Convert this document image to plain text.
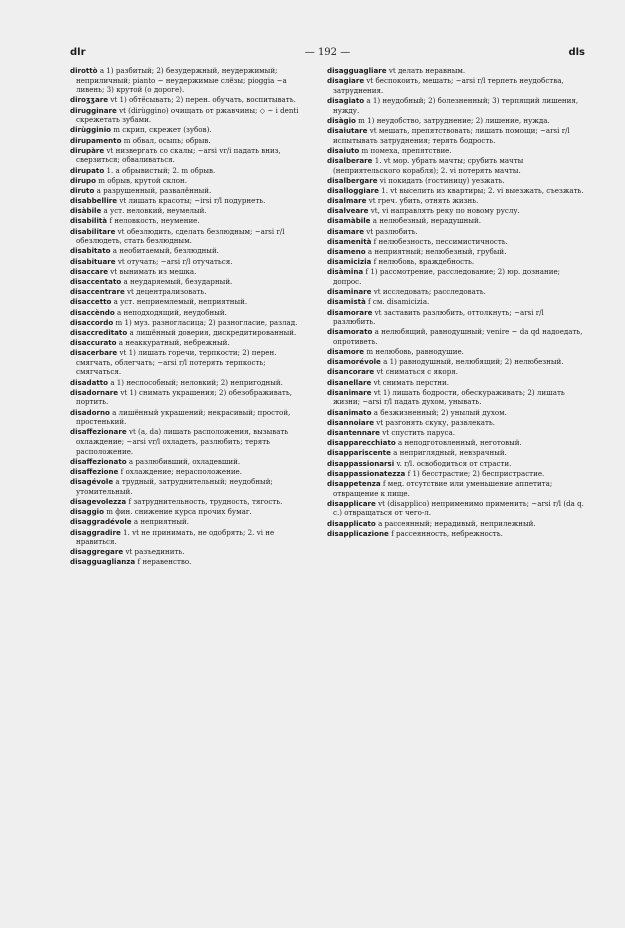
— 192 —
dlr	dls

dirottò a 1) разбитый; 2) безудержный, неудержимый; неприличный; pianto ~ неудержимые слёзы; pioggia ~a ливень; 3) крутой (о дороге).

diroʒʒare vt 1) обтёсывать; 2) перен. обучать, воспитывать.

dirugginare vt (dirùggino) очищать от ржавчины; ◇ ~ i denti скрежетать зубами.

dirùgginio m скрип, скрежет (зубов).

dirupamento m обвал, осыпь; обрыв.

dirupàre vt низвергать со скалы; ~arsi vr/i падать вниз, сверзиться; обваливаться.

dirupato 1. a обрывистый; 2. m обрыв.

dirupo m обрыв, крутой склон.

diruto a разрушенный, развалённый.

disabbellire vt лишать красоты; ~irsi r/l подурнеть.

disàbile a уст. неловкий, неумелый.

disabilità f неловкость, неумение.

disabilitare vt обезлюдить, сделать безлюдным; ~arsi r/l обезлюдеть, стать безлюдным.

disabitato a необитаемый, безлюдный.

disabituare vt отучать; ~arsi r/l отучаться.

disaccare vt вынимать из мешка.

disaccentato a неударяемый, безударный.

disaccentrare vt децентрализовать.

disaccetto a уст. неприемлемый, неприятный.

disaccèndo a неподходящий, неудобный.

disaccordo m 1) муз. разногласица; 2) разногласие, разлад.

disaccreditato a лишённый доверия, дискредитированный.

disaccurato a неаккуратный, небрежный.

disacerbare vt 1) лишать горечи, терпкости; 2) перен. смягчать, облегчать; ~arsi r/l потерять терпкость; смягчаться.

disadatto a 1) неспособный; неловкий; 2) непригодный.

disadornare vt 1) снимать украшения; 2) обезображивать, портить.

disadorno a лишённый украшений; некрасивый; простой, простенький.

disaffezionare vt (a, da) лишать расположения, вызывать охлаждение; ~arsi vr/l охладеть, разлюбить; терять расположение.

disaffezionato a разлюбивший, охладевший.

disaffezione f охлаждение; нерасположение.

disagévole a трудный, затруднительный; неудобный; утомительный.

disagevolezza f затруднительность, трудность, тягость.

disaggio m фин. снижение курса прочих бумаг.

disaggradévole a неприятный.

disaggradire 1. vt не принимать, не одобрять; 2. vi не нравиться.

disaggregare vt разъединить.

disagguaglianza f неравенство.

disagguagliare vt делать неравным.

disagiare vt беспокоить, мешать; ~arsi r/l терпеть неудобства, затруднения.

disagiato a 1) неудобный; 2) болезненный; 3) терпящий лишения, нужду.

disàgio m 1) неудобство, затруднение; 2) лишение, нужда.

disaiutare vt мешать, препятствовать; лишать помощи; ~arsi r/l испытывать затруднения; терять бодрость.

disaiuto m помеха, препятствие.

disalberare 1. vt мор. убрать мачты; срубить мачты (неприятельского корабля); 2. vi потерять мачты.

disalbergare vi покидать (гостиницу) уезжать.

disalloggiare 1. vt выселить из квартиры; 2. vi выезжать, съезжать.

disalmare vt греч. убить, отнять жизнь.

disalveare vt, vi направлять реку по новому руслу.

disamàbile a нелюбезный, нерадушный.

disamare vt разлюбить.

disamenità f нелюбезность, пессимистичность.

disameno a неприятный; нелюбезный, грубый.

disamicizia f нелюбовь, враждебность.

disàmina f 1) рассмотрение, расследование; 2) юр. дознание; допрос.

disaminare vt исследовать; расследовать.

disamistà f см. disamicizia.

disamorare vt заставить разлюбить, оттолкнуть; ~arsi r/l разлюбить.

disamorato a нелюбящий, равнодушный; venire ~ da qd надоедать, опротиветь.

disamore m нелюбовь, равнодушие.

disamorévole a 1) равнодушный, нелюбящий; 2) нелюбезный.

disancorare vt сниматься с якоря.

disanellare vt снимать перстни.

disanimare vt 1) лишать бодрости, обескураживать; 2) лишать жизни; ~arsi r/l падать духом, унывать.

disanimato a безжизненный; 2) унылый духом.

disannoiare vt разгонять скуку, развлекать.

disantennare vt спустить паруса.

disapparecchiato a неподготовленный, неготовый.

disappariscente a неприглядный, невзрачный.

disappassionarsi v. r/l. освободиться от страсти.

disappassionatezza f 1) бесстрастие; 2) беспристрастие.

disappetenza f мед. отсутствие или уменьшение аппетита; отвращение к пище.

disapplicare vt (disapplico) неприменимо применить; ~arsi r/l (da q. c.) отвращаться от чего-л.

disapplicato a рассеянный; нерадивый, неприлежный.

disapplicazione f рассеянность, небрежность.
